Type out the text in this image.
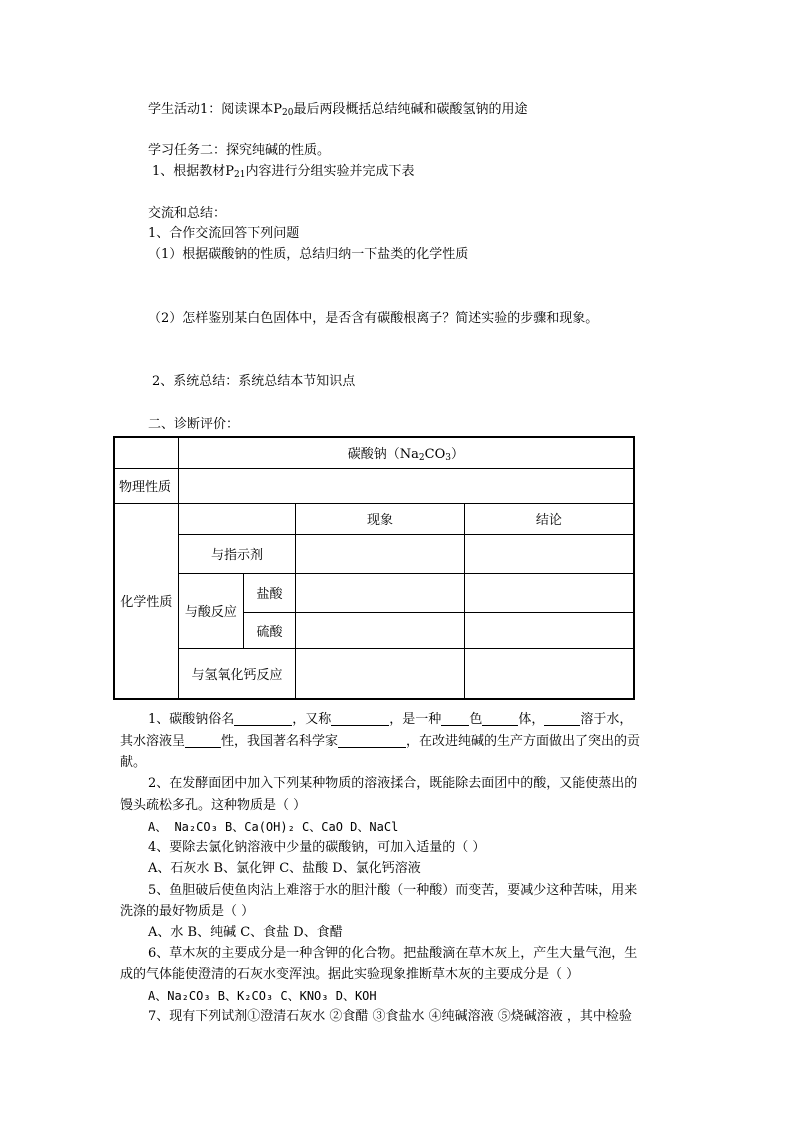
学生活动1：阅读课本$P_{20}$最后两段概括总结纯碱和碳酸氢钠的用途
学习任务二：探究纯碱的性质。
1、根据教材$P_{21}$内容进行分组实验并完成下表
交流和总结：
1、合作交流回答下列问题
（1）根据碳酸钠的性质，总结归纳一下盐类的化学性质
（2）怎样鉴别某白色固体中，是否含有碳酸根离子？简述实验的步骤和现象。
2、系统总结：系统总结本节知识点
二、诊断评价：
	碳酸钠$(Na_2CO_3)$			
物理性质				
化学性质			现象	结论
	与指示剂			
	与酸反应	盐酸		
		硫酸		
	与氢氧化钙反应			
1、碳酸钠俗名	，又称	，是一种 色	体，	溶于水，
其水溶液呈	性，我国著名科学家	，在改进纯碱的生产方面做出了突出的贡
献。
2、在发酵面团中加入下列某种物质的溶液揉合，既能除去面团中的酸，又能使蒸出的
馒头疏松多孔。这种物质是（ ）
A、 Na₂CO₃ B、Ca(OH)₂ C、CaO D、NaCl
4、要除去氯化钠溶液中少量的碳酸钠，可加入适量的（ ）
A、石灰水 B、氯化钾 C、盐酸 D、氯化钙溶液
5、鱼胆破后使鱼肉沾上难溶于水的胆汁酸（一种酸）而变苦，要减少这种苦味，用来
洗涤的最好物质是（ ）
A、水 B、纯碱 C、食盐 D、食醋
6、草木灰的主要成分是一种含钾的化合物。把盐酸滴在草木灰上，产生大量气泡，生
成的气体能使澄清的石灰水变浑浊。据此实验现象推断草木灰的主要成分是（ ）
A、Na₂CO₃ B、K₂CO₃ C、KNO₃ D、KOH
7、现有下列试剂①澄清石灰水 ②食醋 ③食盐水 ④纯碱溶液 ⑤烧碱溶液 ，其中检验
